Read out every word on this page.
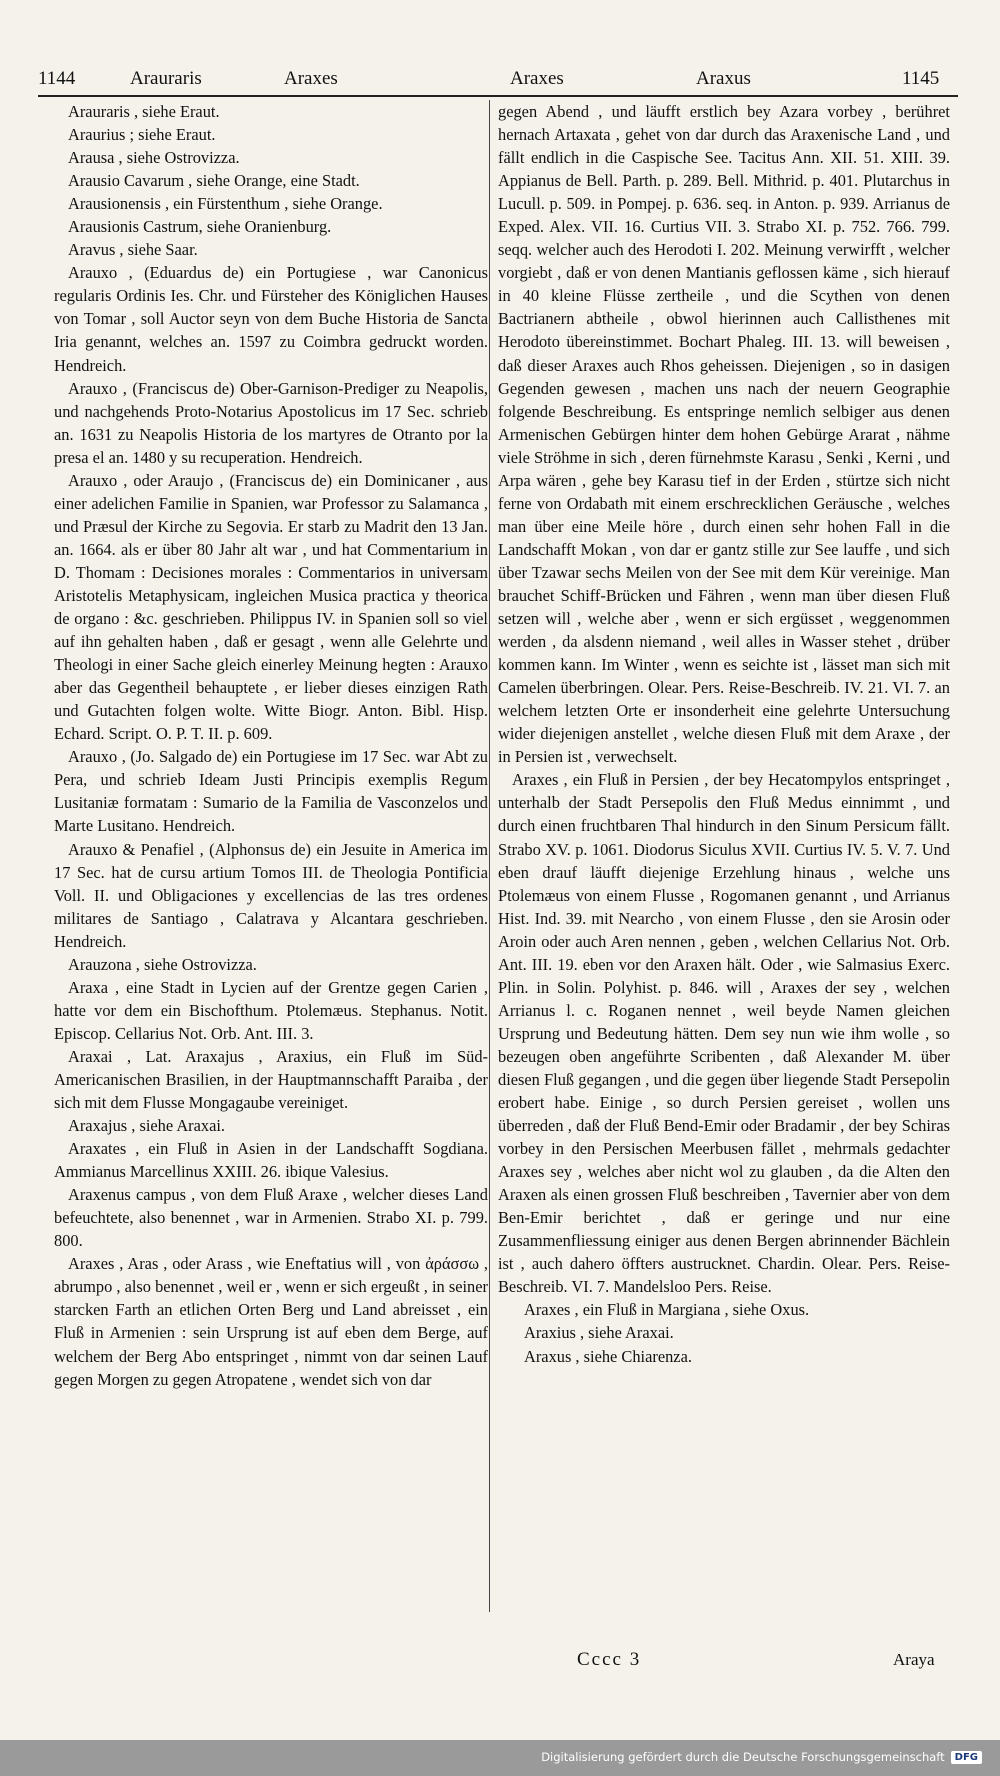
1144	Arauraris	Araxes	Araxes	Araxus	1145

Arauraris , siehe Eraut.

Araurius ; siehe Eraut.

Arausa , siehe Ostrovizza.

Arausio Cavarum , siehe Orange, eine Stadt.

Arausionensis , ein Fürstenthum , siehe Orange.

Arausionis Castrum, siehe Oranienburg.

Aravus , siehe Saar.

Arauxo , (Eduardus de) ein Portugiese , war Canonicus regularis Ordinis Ies. Chr. und Fürsteher des Königlichen Hauses von Tomar , soll Auctor seyn von dem Buche Historia de Sancta Iria genannt, welches an. 1597 zu Coimbra gedruckt worden. Hendreich.

Arauxo , (Franciscus de) Ober-Garnison-Prediger zu Neapolis, und nachgehends Proto-Notarius Apostolicus im 17 Sec. schrieb an. 1631 zu Neapolis Historia de los martyres de Otranto por la presa el an. 1480 y su recuperation. Hendreich.

Arauxo , oder Araujo , (Franciscus de) ein Dominicaner , aus einer adelichen Familie in Spanien, war Professor zu Salamanca , und Præsul der Kirche zu Segovia. Er starb zu Madrit den 13 Jan. an. 1664. als er über 80 Jahr alt war , und hat Commentarium in D. Thomam : Decisiones morales : Commentarios in universam Aristotelis Metaphysicam, ingleichen Musica practica y theorica de organo : &c. geschrieben. Philippus IV. in Spanien soll so viel auf ihn gehalten haben , daß er gesagt , wenn alle Gelehrte und Theologi in einer Sache gleich einerley Meinung hegten : Arauxo aber das Gegentheil behauptete , er lieber dieses einzigen Rath und Gutachten folgen wolte. Witte Biogr. Anton. Bibl. Hisp. Echard. Script. O. P. T. II. p. 609.

Arauxo , (Jo. Salgado de) ein Portugiese im 17 Sec. war Abt zu Pera, und schrieb Ideam Justi Principis exemplis Regum Lusitaniæ formatam : Sumario de la Familia de Vasconzelos und Marte Lusitano. Hendreich.

Arauxo & Penafiel , (Alphonsus de) ein Jesuite in America im 17 Sec. hat de cursu artium Tomos III. de Theologia Pontificia Voll. II. und Obligaciones y excellencias de las tres ordenes militares de Santiago , Calatrava y Alcantara geschrieben. Hendreich.

Arauzona , siehe Ostrovizza.

Araxa , eine Stadt in Lycien auf der Grentze gegen Carien , hatte vor dem ein Bischofthum. Ptolemæus. Stephanus. Notit. Episcop. Cellarius Not. Orb. Ant. III. 3.

Araxai , Lat. Araxajus , Araxius, ein Fluß im Süd-Americanischen Brasilien, in der Hauptmannschafft Paraiba , der sich mit dem Flusse Mongagaube vereiniget.

Araxajus , siehe Araxai.

Araxates , ein Fluß in Asien in der Landschafft Sogdiana. Ammianus Marcellinus XXIII. 26. ibique Valesius.

Araxenus campus , von dem Fluß Araxe , welcher dieses Land befeuchtete, also benennet , war in Armenien. Strabo XI. p. 799. 800.

Araxes , Aras , oder Arass , wie Eneftatius will , von ἀράσσω , abrumpo , also benennet , weil er , wenn er sich ergeußt , in seiner starcken Farth an etlichen Orten Berg und Land abreisset , ein Fluß in Armenien : sein Ursprung ist auf eben dem Berge, auf welchem der Berg Abo entspringet , nimmt von dar seinen Lauf gegen Morgen zu gegen Atropatene , wendet sich von dar

gegen Abend , und läufft erstlich bey Azara vorbey , berühret hernach Artaxata , gehet von dar durch das Araxenische Land , und fällt endlich in die Caspische See. Tacitus Ann. XII. 51. XIII. 39. Appianus de Bell. Parth. p. 289. Bell. Mithrid. p. 401. Plutarchus in Lucull. p. 509. in Pompej. p. 636. seq. in Anton. p. 939. Arrianus de Exped. Alex. VII. 16. Curtius VII. 3. Strabo XI. p. 752. 766. 799. seqq. welcher auch des Herodoti I. 202. Meinung verwirfft , welcher vorgiebt , daß er von denen Mantianis geflossen käme , sich hierauf in 40 kleine Flüsse zertheile , und die Scythen von denen Bactrianern abtheile , obwol hierinnen auch Callisthenes mit Herodoto übereinstimmet. Bochart Phaleg. III. 13. will beweisen , daß dieser Araxes auch Rhos geheissen. Diejenigen , so in dasigen Gegenden gewesen , machen uns nach der neuern Geographie folgende Beschreibung. Es entspringe nemlich selbiger aus denen Armenischen Gebürgen hinter dem hohen Gebürge Ararat , nähme viele Ströhme in sich , deren fürnehmste Karasu , Senki , Kerni , und Arpa wären , gehe bey Karasu tief in der Erden , stürtze sich nicht ferne von Ordabath mit einem erschrecklichen Geräusche , welches man über eine Meile höre , durch einen sehr hohen Fall in die Landschafft Mokan , von dar er gantz stille zur See lauffe , und sich über Tzawar sechs Meilen von der See mit dem Kür vereinige. Man brauchet Schiff-Brücken und Fähren , wenn man über diesen Fluß setzen will , welche aber , wenn er sich ergüsset , weggenommen werden , da alsdenn niemand , weil alles in Wasser stehet , drüber kommen kann. Im Winter , wenn es seichte ist , lässet man sich mit Camelen überbringen. Olear. Pers. Reise-Beschreib. IV. 21. VI. 7. an welchem letzten Orte er insonderheit eine gelehrte Untersuchung wider diejenigen anstellet , welche diesen Fluß mit dem Araxe , der in Persien ist , verwechselt.

Araxes , ein Fluß in Persien , der bey Hecatompylos entspringet , unterhalb der Stadt Persepolis den Fluß Medus einnimmt , und durch einen fruchtbaren Thal hindurch in den Sinum Persicum fällt. Strabo XV. p. 1061. Diodorus Siculus XVII. Curtius IV. 5. V. 7. Und eben drauf läufft diejenige Erzehlung hinaus , welche uns Ptolemæus von einem Flusse , Rogomanen genannt , und Arrianus Hist. Ind. 39. mit Nearcho , von einem Flusse , den sie Arosin oder Aroin oder auch Aren nennen , geben , welchen Cellarius Not. Orb. Ant. III. 19. eben vor den Araxen hält. Oder , wie Salmasius Exerc. Plin. in Solin. Polyhist. p. 846. will , Araxes der sey , welchen Arrianus l. c. Roganen nennet , weil beyde Namen gleichen Ursprung und Bedeutung hätten. Dem sey nun wie ihm wolle , so bezeugen oben angeführte Scribenten , daß Alexander M. über diesen Fluß gegangen , und die gegen über liegende Stadt Persepolin erobert habe. Einige , so durch Persien gereiset , wollen uns überreden , daß der Fluß Bend-Emir oder Bradamir , der bey Schiras vorbey in den Persischen Meerbusen fället , mehrmals gedachter Araxes sey , welches aber nicht wol zu glauben , da die Alten den Araxen als einen grossen Fluß beschreiben , Tavernier aber von dem Ben-Emir berichtet , daß er geringe und nur eine Zusammenfliessung einiger aus denen Bergen abrinnender Bächlein ist , auch dahero öffters austrucknet. Chardin. Olear. Pers. Reise-Beschreib. VI. 7. Mandelsloo Pers. Reise.

Araxes , ein Fluß in Margiana , siehe Oxus.

Araxius , siehe Araxai.

Araxus , siehe Chiarenza.

Cccc 3	Araya
Digitalisierung gefördert durch die Deutsche Forschungsgemeinschaft	DFG
